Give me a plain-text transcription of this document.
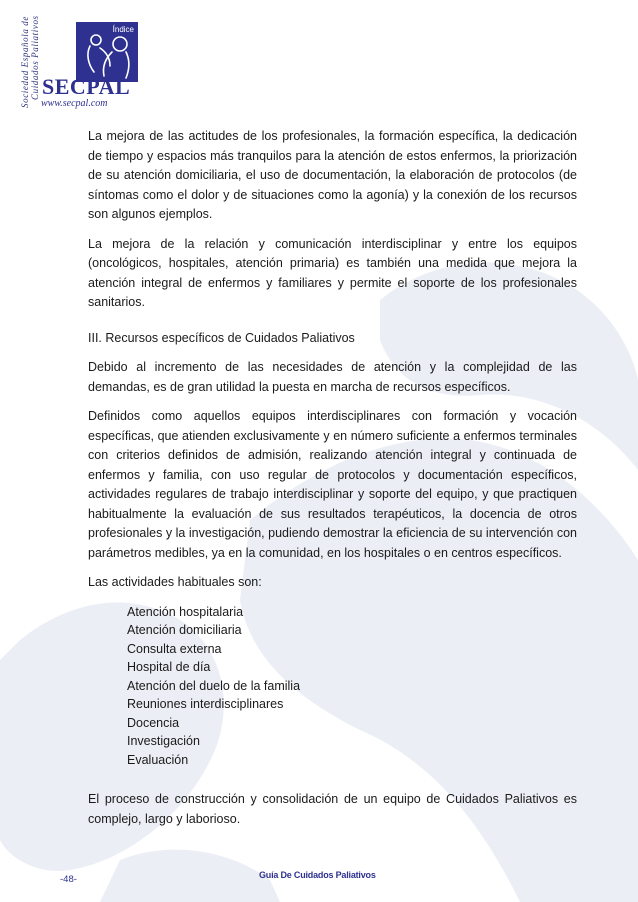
Índice
Sociedad Española de Cuidados Paliativos SECPAL
www.secpal.com

La mejora de las actitudes de los profesionales, la formación específica, la dedicación de tiempo y espacios más tranquilos para la atención de estos enfermos, la priorización de su atención domiciliaria, el uso de documentación, la elaboración de protocolos (de síntomas como el dolor y de situaciones como la agonía) y la conexión de los recursos son algunos ejemplos.

La mejora de la relación y comunicación interdisciplinar y entre los equipos (oncológicos, hospitales, atención primaria) es también una medida que mejora la atención integral de enfermos y familiares y permite el soporte de los profesionales sanitarios.

III. Recursos específicos de Cuidados Paliativos

Debido al incremento de las necesidades de atención y la complejidad de las demandas, es de gran utilidad la puesta en marcha de recursos específicos.

Definidos como aquellos equipos interdisciplinares con formación y vocación específicas, que atienden exclusivamente y en número suficiente a enfermos terminales con criterios definidos de admisión, realizando atención integral y continuada de enfermos y familia, con uso regular de protocolos y documentación específicos, actividades regulares de trabajo interdisciplinar y soporte del equipo, y que practiquen habitualmente la evaluación de sus resultados terapéuticos, la docencia de otros profesionales y la investigación, pudiendo demostrar la eficiencia de su intervención con parámetros medibles, ya en la comunidad, en los hospitales o en centros específicos.

Las actividades habituales son:

Atención hospitalaria
Atención domiciliaria
Consulta externa
Hospital de día
Atención del duelo de la familia
Reuniones interdisciplinares
Docencia
Investigación
Evaluación

El proceso de construcción y consolidación de un equipo de Cuidados Paliativos es complejo, largo y laborioso.

-48-	Guía De Cuidados Paliativos
